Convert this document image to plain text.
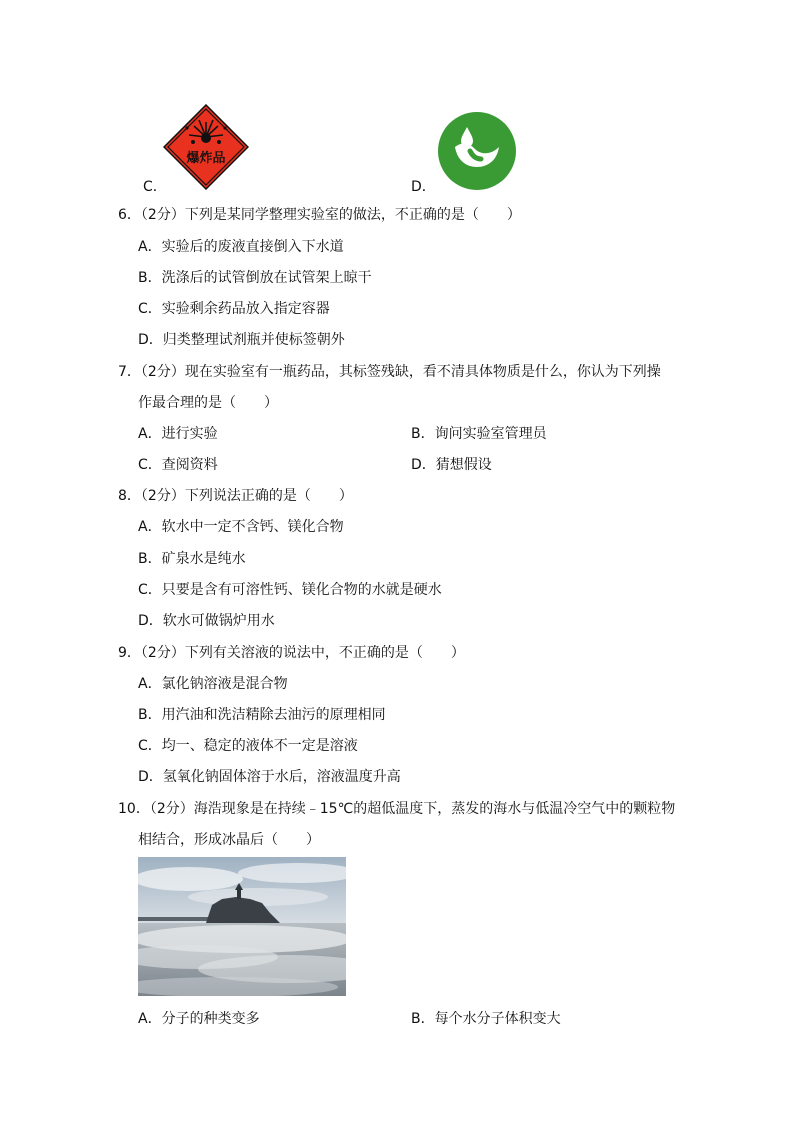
爆炸品
C．	D．
6．（2分）下列是某同学整理实验室的做法，不正确的是（　　）
A．实验后的废液直接倒入下水道
B．洗涤后的试管倒放在试管架上晾干
C．实验剩余药品放入指定容器
D．归类整理试剂瓶并使标签朝外
7．（2分）现在实验室有一瓶药品，其标签残缺，看不清具体物质是什么，你认为下列操
作最合理的是（　　）
A．进行实验	B．询问实验室管理员
C．查阅资料	D．猜想假设
8．（2分）下列说法正确的是（　　）
A．软水中一定不含钙、镁化合物
B．矿泉水是纯水
C．只要是含有可溶性钙、镁化合物的水就是硬水
D．软水可做锅炉用水
9．（2分）下列有关溶液的说法中，不正确的是（　　）
A．氯化钠溶液是混合物
B．用汽油和洗洁精除去油污的原理相同
C．均一、稳定的液体不一定是溶液
D．氢氧化钠固体溶于水后，溶液温度升高
10．（2分）海浩现象是在持续﹣15℃的超低温度下，蒸发的海水与低温冷空气中的颗粒物
相结合，形成冰晶后（　　）
A．分子的种类变多	B．每个水分子体积变大
